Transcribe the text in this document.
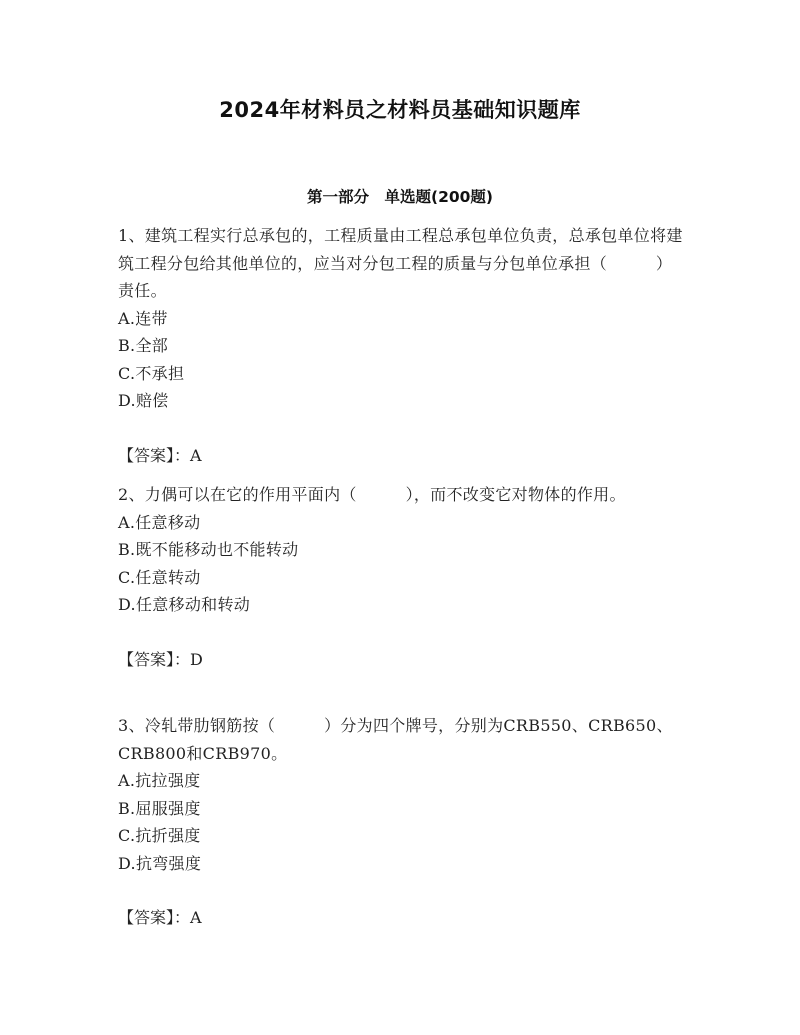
2024年材料员之材料员基础知识题库
第一部分　单选题(200题)

1、建筑工程实行总承包的，工程质量由工程总承包单位负责，总承包单位将建筑工程分包给其他单位的，应当对分包工程的质量与分包单位承担（　　　）责任。

A.连带
B.全部
C.不承担
D.赔偿
【答案】：A

2、力偶可以在它的作用平面内（　　　），而不改变它对物体的作用。

A.任意移动
B.既不能移动也不能转动
C.任意转动
D.任意移动和转动
【答案】：D

3、冷轧带肋钢筋按（　　　）分为四个牌号，分别为CRB550、CRB650、CRB800和CRB970。

A.抗拉强度
B.屈服强度
C.抗折强度
D.抗弯强度
【答案】：A
